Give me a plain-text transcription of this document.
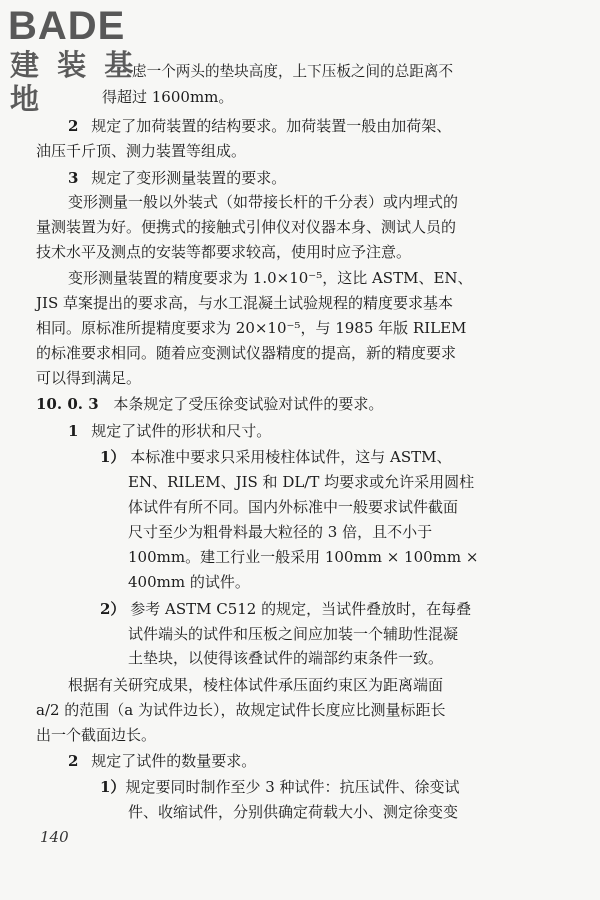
BADE
建 装 基 地
虑一个两头的垫块高度，上下压板之间的总距离不
得超过 1600mm。
2 规定了加荷装置的结构要求。加荷装置一般由加荷架、
油压千斤顶、测力装置等组成。
3 规定了变形测量装置的要求。
变形测量一般以外装式（如带接长杆的千分表）或内埋式的
量测装置为好。便携式的接触式引伸仪对仪器本身、测试人员的
技术水平及测点的安装等都要求较高，使用时应予注意。
变形测量装置的精度要求为 1.0×10⁻⁵，这比 ASTM、EN、
JIS 草案提出的要求高，与水工混凝土试验规程的精度要求基本
相同。原标准所提精度要求为 20×10⁻⁵，与 1985 年版 RILEM
的标准要求相同。随着应变测试仪器精度的提高，新的精度要求
可以得到满足。
10. 0. 3 本条规定了受压徐变试验对试件的要求。
1 规定了试件的形状和尺寸。
1） 本标准中要求只采用棱柱体试件，这与 ASTM、
EN、RILEM、JIS 和 DL/T 均要求或允许采用圆柱
体试件有所不同。国内外标准中一般要求试件截面
尺寸至少为粗骨料最大粒径的 3 倍，且不小于
100mm。建工行业一般采用 100mm × 100mm ×
400mm 的试件。
2） 参考 ASTM C512 的规定，当试件叠放时，在每叠
试件端头的试件和压板之间应加装一个辅助性混凝
土垫块，以使得该叠试件的端部约束条件一致。
根据有关研究成果，棱柱体试件承压面约束区为距离端面
a/2 的范围（a 为试件边长），故规定试件长度应比测量标距长
出一个截面边长。
2 规定了试件的数量要求。
1）规定要同时制作至少 3 种试件：抗压试件、徐变试
件、收缩试件，分别供确定荷载大小、测定徐变变
140
